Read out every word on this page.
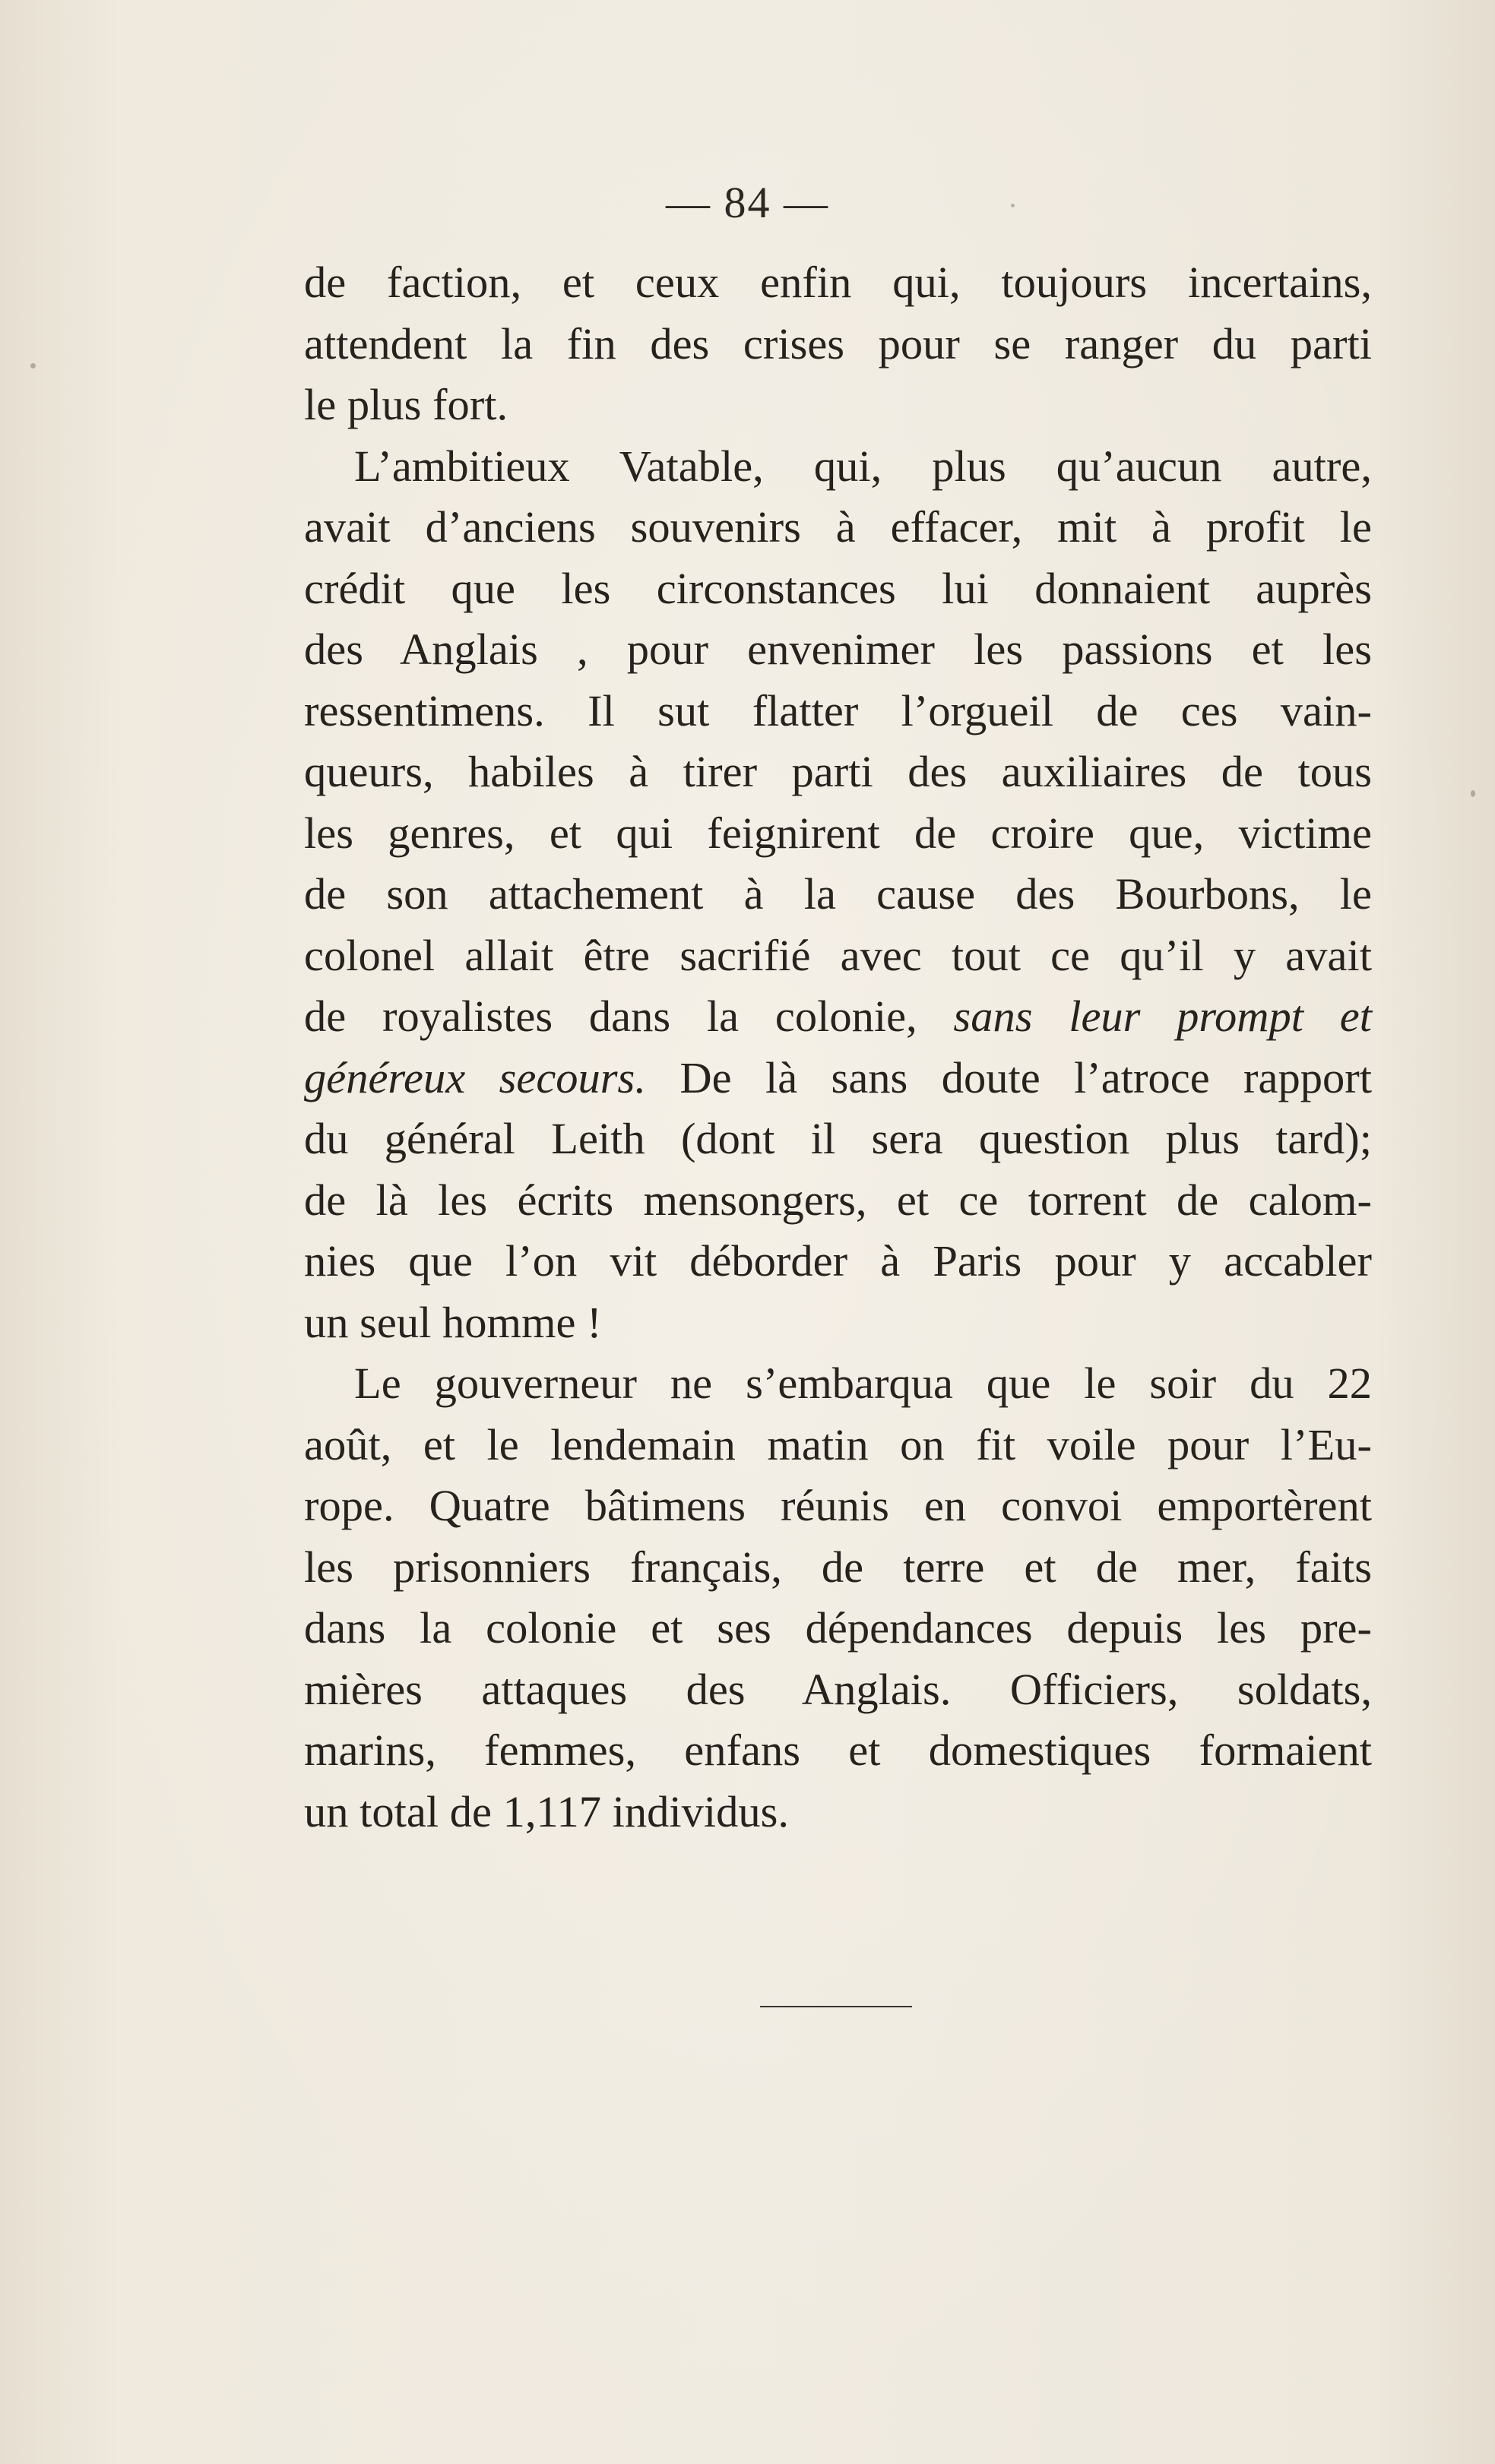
— 84 —

de faction, et ceux enfin qui, toujours incertains,
attendent la fin des crises pour se ranger du parti
le plus fort.

L’ambitieux Vatable, qui, plus qu’aucun autre,
avait d’anciens souvenirs à effacer, mit à profit le
crédit que les circonstances lui donnaient auprès
des Anglais , pour envenimer les passions et les
ressentimens. Il sut flatter l’orgueil de ces vain-
queurs, habiles à tirer parti des auxiliaires de tous
les genres, et qui feignirent de croire que, victime
de son attachement à la cause des Bourbons, le
colonel allait être sacrifié avec tout ce qu’il y avait
de royalistes dans la colonie, sans leur prompt et
généreux secours. De là sans doute l’atroce rapport
du général Leith (dont il sera question plus tard);
de là les écrits mensongers, et ce torrent de calom-
nies que l’on vit déborder à Paris pour y accabler
un seul homme !

Le gouverneur ne s’embarqua que le soir du 22
août, et le lendemain matin on fit voile pour l’Eu-
rope. Quatre bâtimens réunis en convoi emportèrent
les prisonniers français, de terre et de mer, faits
dans la colonie et ses dépendances depuis les pre-
mières attaques des Anglais. Officiers, soldats,
marins, femmes, enfans et domestiques formaient
un total de 1,117 individus.
